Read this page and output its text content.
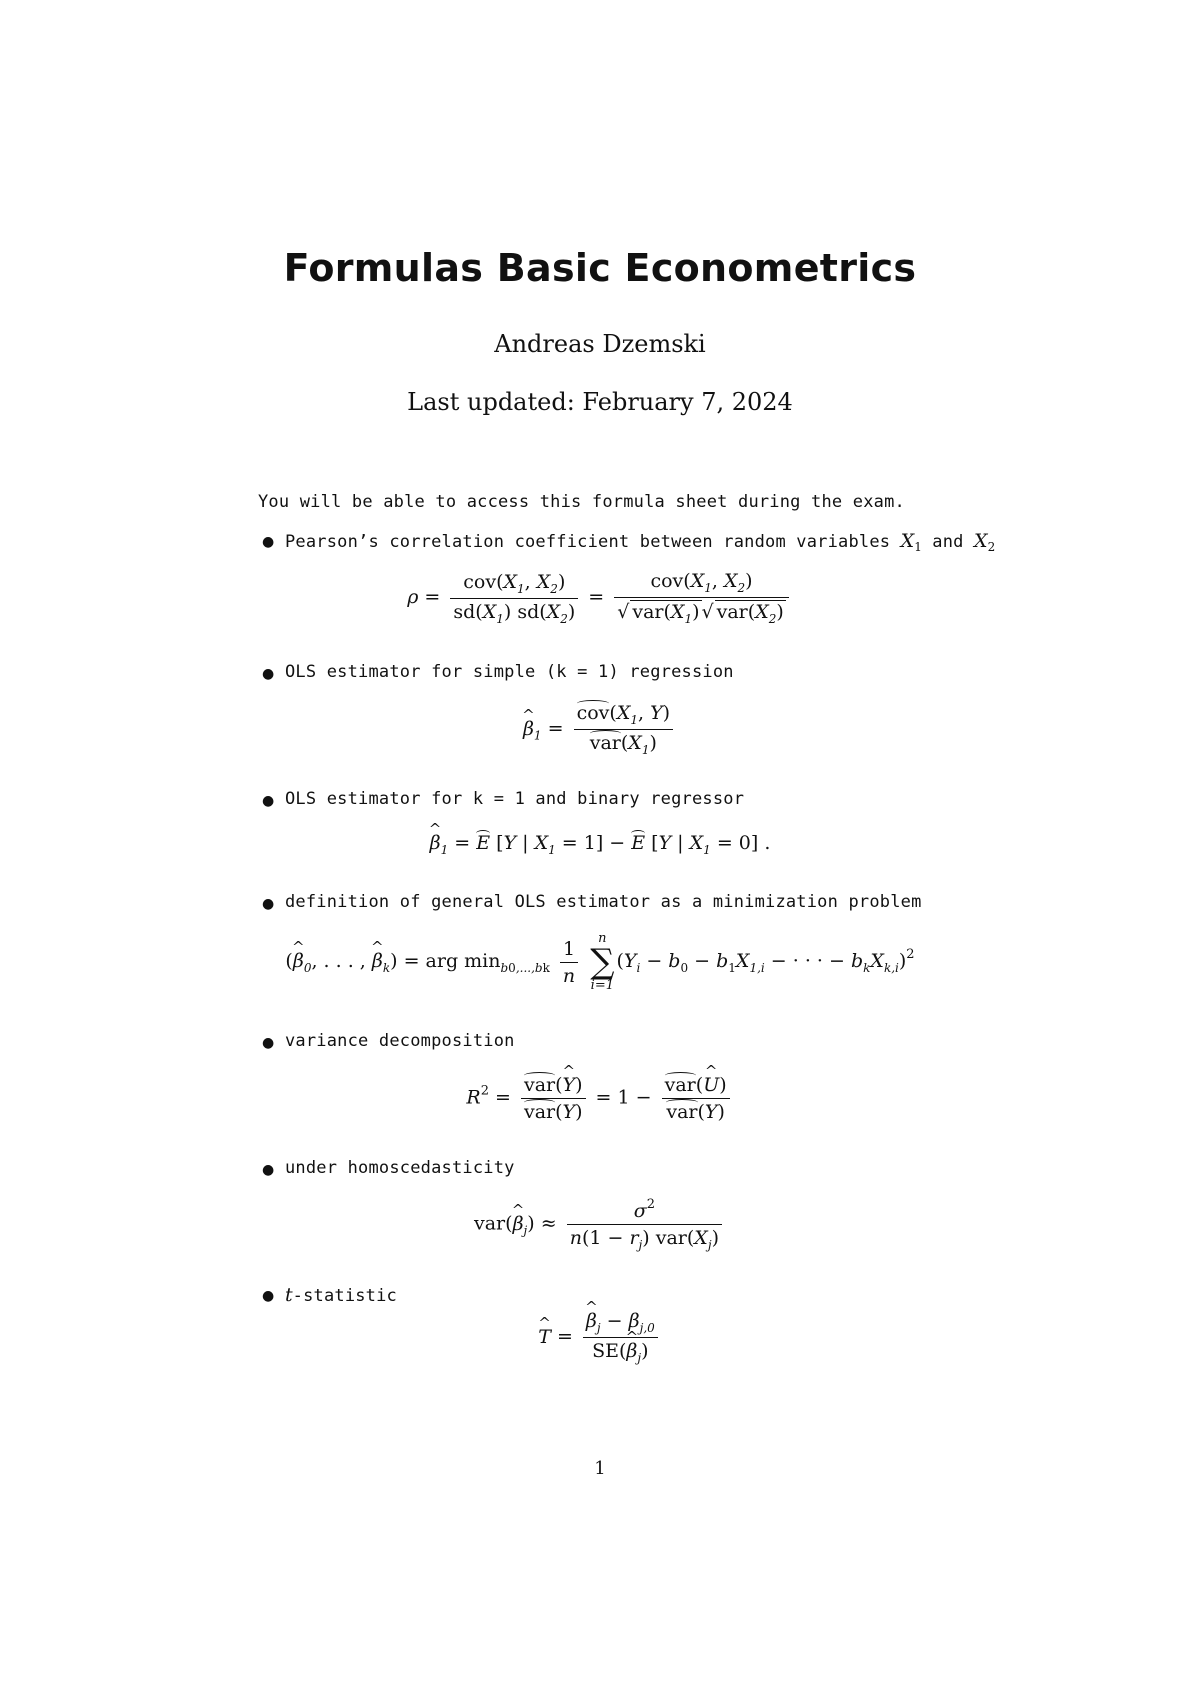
Formulas Basic Econometrics
Andreas Dzemski
Last updated: February 7, 2024
You will be able to access this formula sheet during the exam.
● Pearson’s correlation coefficient between random variables $X_1$ and $X_2$
$\rho = \frac{cov(X_1, X_2)}{sd(X_1) sd(X_2)} = \frac{cov(X_1, X_2)}{√ var(X_1) √ var(X_2)}$
● OLS estimator for simple (k = 1) regression
^ $\beta_1 = \frac{cov(X_1, Y)}{var(X_1)}$
● OLS estimator for k = 1 and binary regressor
^ $\beta_1 = E$ [Y | $X_1 = 1] - E$ [Y | $X_1 = 0$] .
● definition of general OLS estimator as a minimization problem
(^ $\beta_0$, . . . , ^ $\beta_k$) = arg $\min_{b0,...,bk} \frac{1}{n}$
	n
∑
i=1
($Y_i - b_0 - b_1X_{1,i}$ − · · · − $b_kX_{k,i})^2$
● variance decomposition
$R^2 = \frac{\text{var(\textasciicircum{} Y)}}{\text{var(Y)}} = 1 - \frac{\text{var(\textasciicircum{} U)}}{\text{var(Y)}}$
● under homoscedasticity
var(^ $\beta_j) \approx \frac{\sigma^2}{n(1 - r_j) var(X_j)}$
● t-statistic
^ T =
^ $\frac{\beta_j - \beta_{j,0}}{SE(\^{} \beta_j)}$
1
